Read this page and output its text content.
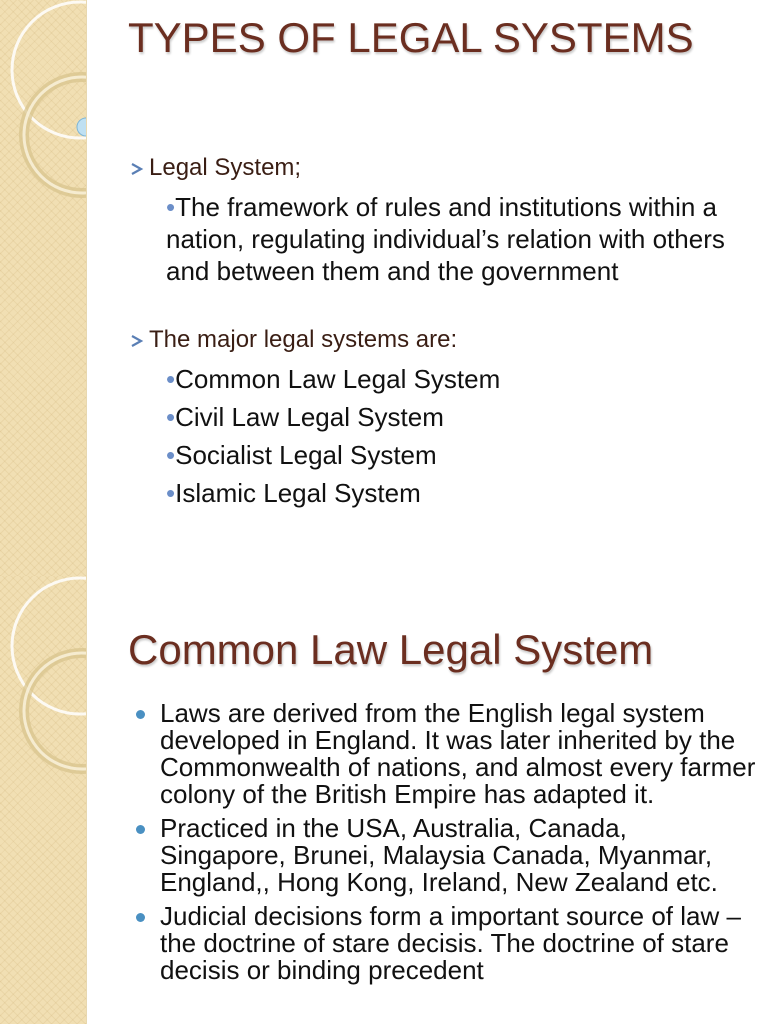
TYPES OF LEGAL SYSTEMS
Legal System;
•The framework of rules and institutions within a nation, regulating individual’s relation with others and between them and the government
The major legal systems are:
•Common Law Legal System
•Civil Law Legal System
•Socialist Legal System
•Islamic Legal System
Common Law Legal System
Laws are derived from the English legal system developed in England. It was later inherited by the Commonwealth of nations, and almost every farmer colony of the British Empire has adapted it.
Practiced in the USA, Australia, Canada, Singapore, Brunei, Malaysia Canada, Myanmar, England,, Hong Kong, Ireland, New Zealand etc.
Judicial decisions form a important source of law – the doctrine of stare decisis. The doctrine of stare decisis or binding precedent
